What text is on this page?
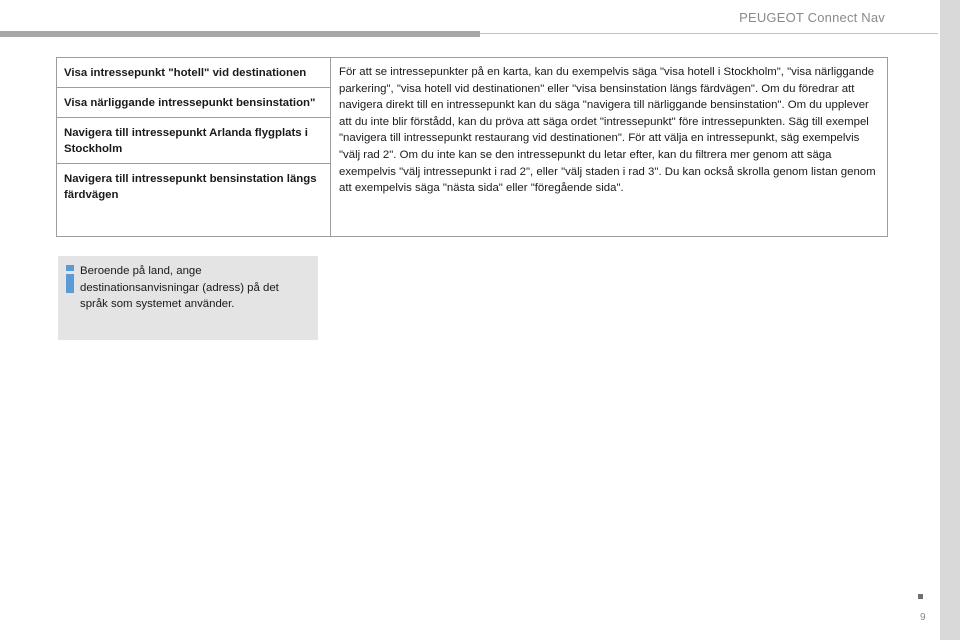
PEUGEOT Connect Nav
9
Visa intressepunkt "hotell" vid destinationen
Visa närliggande intressepunkt bensinstation"
Navigera till intressepunkt Arlanda flygplats i Stockholm
Navigera till intressepunkt bensinstation längs färdvägen

För att se intressepunkter på en karta, kan du exempelvis säga "visa hotell i Stockholm", "visa närliggande parkering", "visa hotell vid destinationen" eller "visa bensinstation längs färdvägen". Om du föredrar att navigera direkt till en intressepunkt kan du säga "navigera till närliggande bensinstation". Om du upplever att du inte blir förstådd, kan du pröva att säga ordet "intressepunkt" före intressepunkten. Säg till exempel "navigera till intressepunkt restaurang vid destinationen". För att välja en intressepunkt, säg exempelvis "välj rad 2". Om du inte kan se den intressepunkt du letar efter, kan du filtrera mer genom att säga exempelvis "välj intressepunkt i rad 2", eller "välj staden i rad 3". Du kan också skrolla genom listan genom att exempelvis säga "nästa sida" eller "föregående sida".
Beroende på land, ange destinationsanvisningar (adress) på det språk som systemet använder.
